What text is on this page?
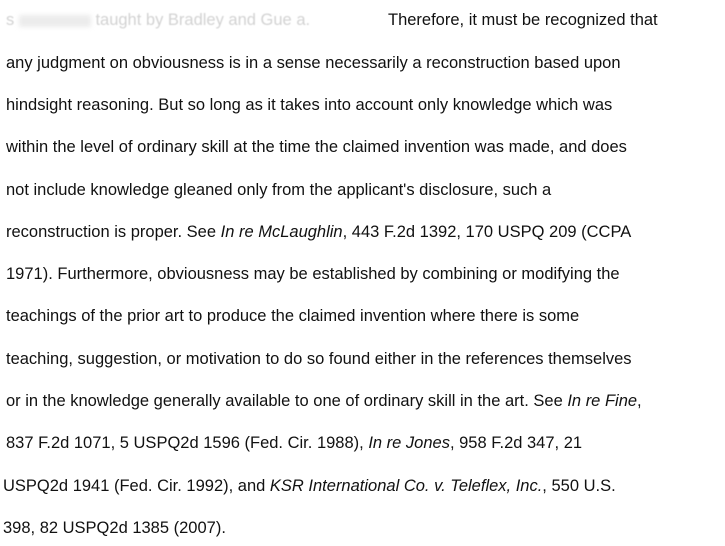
s	taught by Bradley and Gue a.	Therefore, it must be recognized that
any judgment on obviousness is in a sense necessarily a reconstruction based upon
hindsight reasoning. But so long as it takes into account only knowledge which was
within the level of ordinary skill at the time the claimed invention was made, and does
not include knowledge gleaned only from the applicant's disclosure, such a
reconstruction is proper. See In re McLaughlin, 443 F.2d 1392, 170 USPQ 209 (CCPA
1971). Furthermore, obviousness may be established by combining or modifying the
teachings of the prior art to produce the claimed invention where there is some
teaching, suggestion, or motivation to do so found either in the references themselves
or in the knowledge generally available to one of ordinary skill in the art. See In re Fine,
837 F.2d 1071, 5 USPQ2d 1596 (Fed. Cir. 1988), In re Jones, 958 F.2d 347, 21
USPQ2d 1941 (Fed. Cir. 1992), and KSR International Co. v. Teleflex, Inc., 550 U.S.
398, 82 USPQ2d 1385 (2007).
